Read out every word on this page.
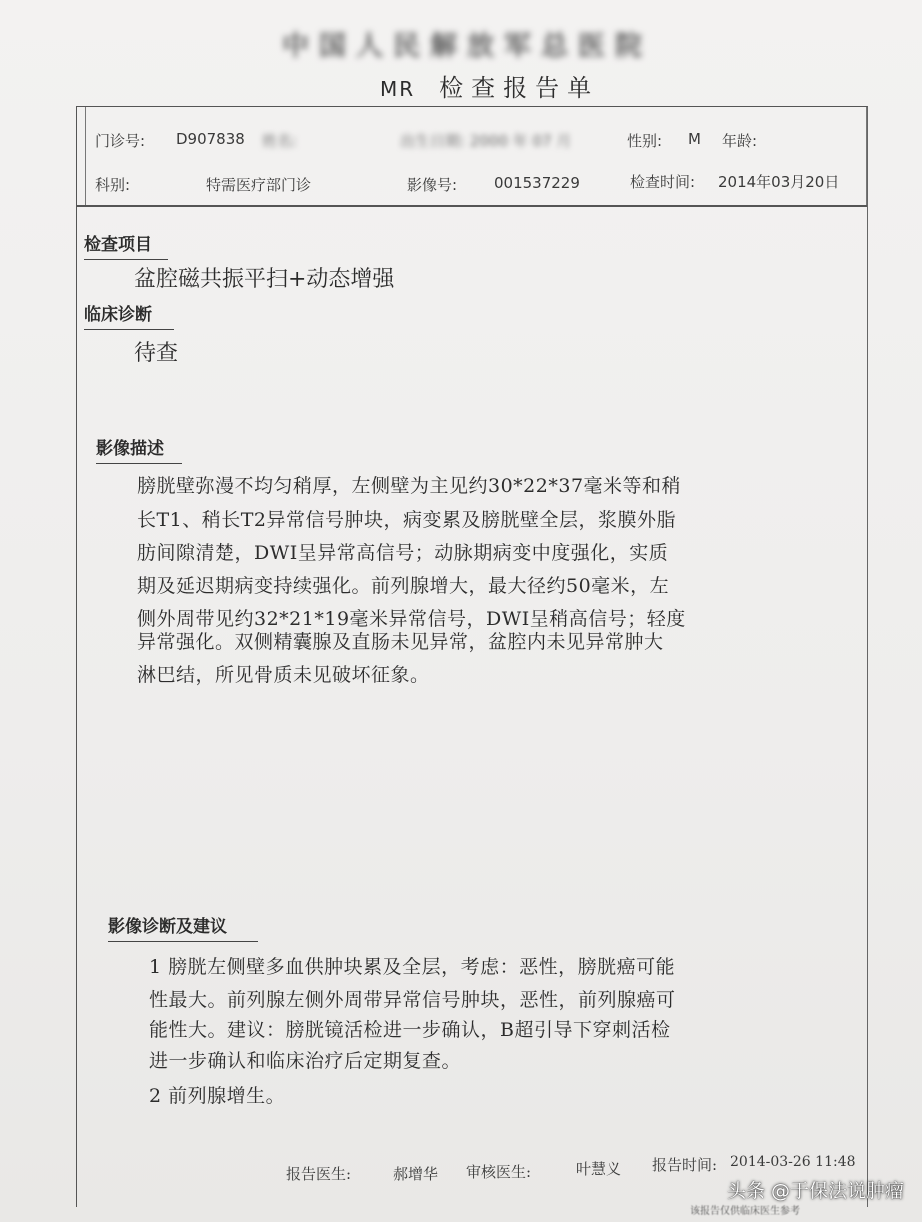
中国人民解放军总医院
MR 检查报告单
门诊号: D907838 姓名:	出生日期: 2000 年 07 月	性别: M 年龄:
科别:	特需医疗部门诊	影像号: 001537229	检查时间: 2014年03月20日
检查项目
盆腔磁共振平扫+动态增强
临床诊断
待查
影像描述
膀胱壁弥漫不均匀稍厚，左侧壁为主见约30*22*37毫米等和稍
长T1、稍长T2异常信号肿块，病变累及膀胱壁全层，浆膜外脂
肪间隙清楚，DWI呈异常高信号；动脉期病变中度强化，实质
期及延迟期病变持续强化。前列腺增大，最大径约50毫米，左
侧外周带见约32*21*19毫米异常信号，DWI呈稍高信号；轻度
异常强化。双侧精囊腺及直肠未见异常，盆腔内未见异常肿大
淋巴结，所见骨质未见破坏征象。
影像诊断及建议
1 膀胱左侧壁多血供肿块累及全层，考虑：恶性，膀胱癌可能
性最大。前列腺左侧外周带异常信号肿块，恶性，前列腺癌可
能性大。建议：膀胱镜活检进一步确认，B超引导下穿刺活检
进一步确认和临床治疗后定期复查。
2 前列腺增生。
报告医生:	郝增华 审核医生:	叶慧义 报告时间: 2014-03-26 11:48
该报告仅供临床医生参考
头条 @于保法说肿瘤
